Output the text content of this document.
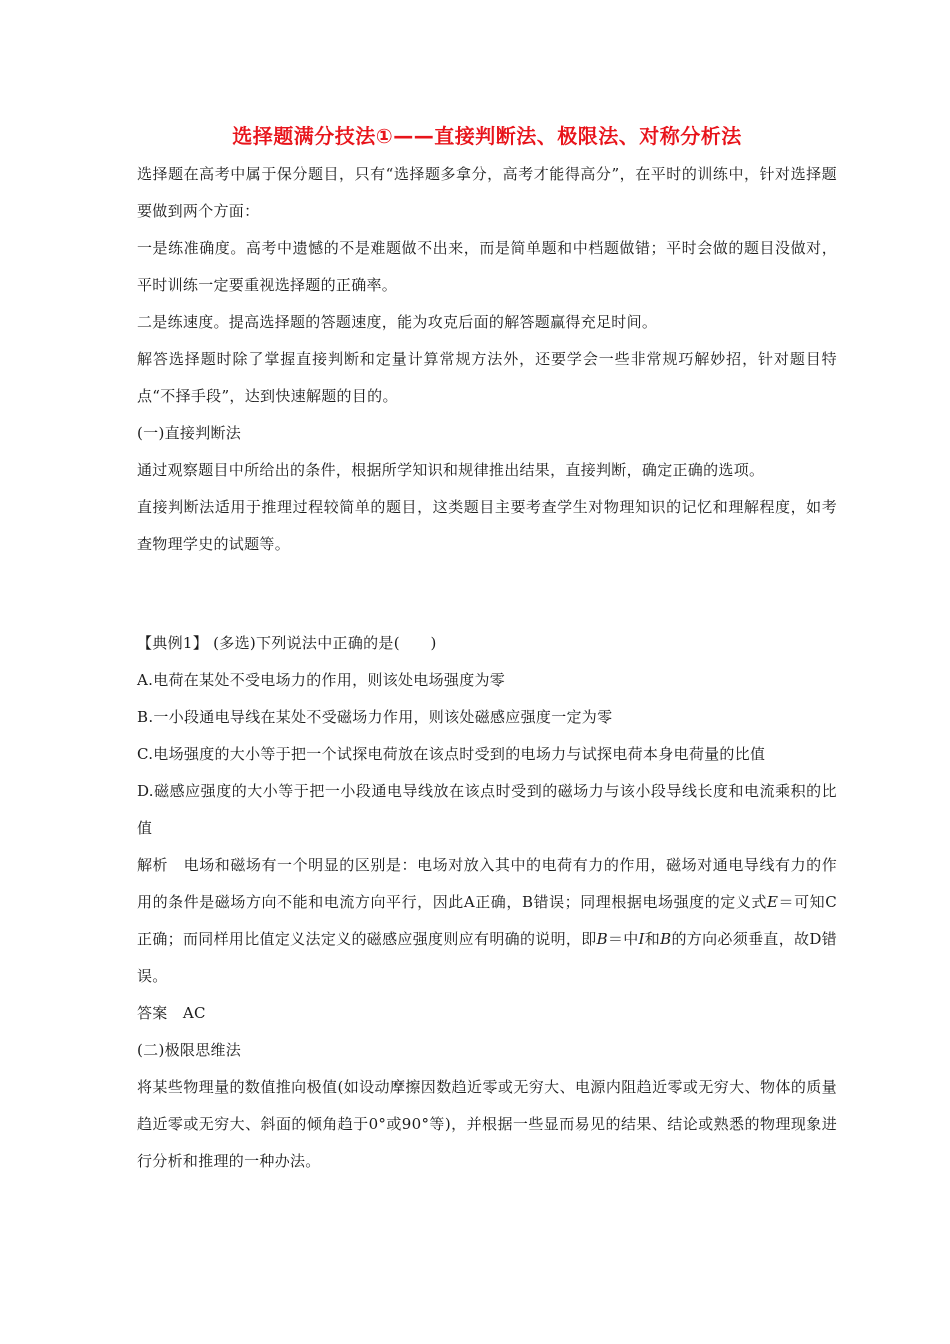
选择题满分技法①——直接判断法、极限法、对称分析法

选择题在高考中属于保分题目，只有“选择题多拿分，高考才能得高分”，在平时的训练中，针对选择题要做到两个方面：

一是练准确度。高考中遗憾的不是难题做不出来，而是简单题和中档题做错；平时会做的题目没做对，平时训练一定要重视选择题的正确率。

二是练速度。提高选择题的答题速度，能为攻克后面的解答题赢得充足时间。

解答选择题时除了掌握直接判断和定量计算常规方法外，还要学会一些非常规巧解妙招，针对题目特点“不择手段”，达到快速解题的目的。

(一)直接判断法

通过观察题目中所给出的条件，根据所学知识和规律推出结果，直接判断，确定正确的选项。

直接判断法适用于推理过程较简单的题目，这类题目主要考查学生对物理知识的记忆和理解程度，如考查物理学史的试题等。

【典例1】 (多选)下列说法中正确的是(　　)

A.电荷在某处不受电场力的作用，则该处电场强度为零

B.一小段通电导线在某处不受磁场力作用，则该处磁感应强度一定为零

C.电场强度的大小等于把一个试探电荷放在该点时受到的电场力与试探电荷本身电荷量的比值

D.磁感应强度的大小等于把一小段通电导线放在该点时受到的磁场力与该小段导线长度和电流乘积的比值

解析　电场和磁场有一个明显的区别是：电场对放入其中的电荷有力的作用，磁场对通电导线有力的作用的条件是磁场方向不能和电流方向平行，因此A正确，B错误；同理根据电场强度的定义式E＝可知C正确；而同样用比值定义法定义的磁感应强度则应有明确的说明，即B＝中I和B的方向必须垂直，故D错误。

答案　AC

(二)极限思维法

将某些物理量的数值推向极值(如设动摩擦因数趋近零或无穷大、电源内阻趋近零或无穷大、物体的质量趋近零或无穷大、斜面的倾角趋于0°或90°等)，并根据一些显而易见的结果、结论或熟悉的物理现象进行分析和推理的一种办法。
